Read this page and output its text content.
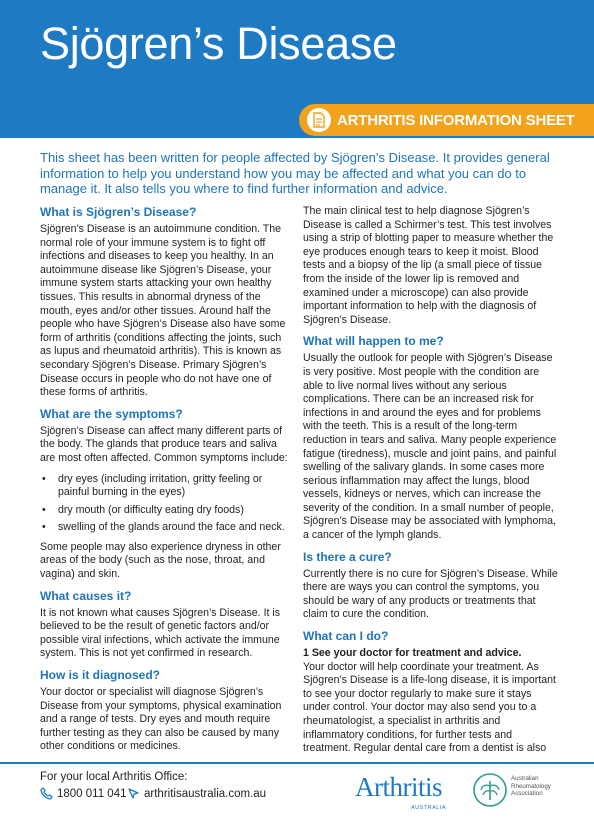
Sjögren’s Disease
ARTHRITIS INFORMATION SHEET
This sheet has been written for people affected by Sjögren’s Disease. It provides general information to help you understand how you may be affected and what you can do to manage it. It also tells you where to find further information and advice.
What is Sjögren’s Disease?

Sjögren’s Disease is an autoimmune condition. The normal role of your immune system is to fight off infections and diseases to keep you healthy. In an autoimmune disease like Sjögren’s Disease, your immune system starts attacking your own healthy tissues. This results in abnormal dryness of the mouth, eyes and/or other tissues. Around half the people who have Sjögren’s Disease also have some form of arthritis (conditions affecting the joints, such as lupus and rheumatoid arthritis). This is known as secondary Sjögren’s Disease. Primary Sjögren’s Disease occurs in people who do not have one of these forms of arthritis.

What are the symptoms?

Sjögren’s Disease can affect many different parts of the body. The glands that produce tears and saliva are most often affected. Common symptoms include:

• dry eyes (including irritation, gritty feeling or painful burning in the eyes)
• dry mouth (or difficulty eating dry foods)
• swelling of the glands around the face and neck.

Some people may also experience dryness in other areas of the body (such as the nose, throat, and vagina) and skin.

What causes it?

It is not known what causes Sjögren’s Disease. It is believed to be the result of genetic factors and/or possible viral infections, which activate the immune system. This is not yet confirmed in research.

How is it diagnosed?

Your doctor or specialist will diagnose Sjögren’s Disease from your symptoms, physical examination and a range of tests. Dry eyes and mouth require further testing as they can also be caused by many other conditions or medicines.

The main clinical test to help diagnose Sjögren’s Disease is called a Schirmer’s test. This test involves using a strip of blotting paper to measure whether the eye produces enough tears to keep it moist. Blood tests and a biopsy of the lip (a small piece of tissue from the inside of the lower lip is removed and examined under a microscope) can also provide important information to help with the diagnosis of Sjögren’s Disease.

What will happen to me?

Usually the outlook for people with Sjögren’s Disease is very positive. Most people with the condition are able to live normal lives without any serious complications. There can be an increased risk for infections in and around the eyes and for problems with the teeth. This is a result of the long-term reduction in tears and saliva. Many people experience fatigue (tiredness), muscle and joint pains, and painful swelling of the salivary glands. In some cases more serious inflammation may affect the lungs, blood vessels, kidneys or nerves, which can increase the severity of the condition. In a small number of people, Sjögren’s Disease may be associated with lymphoma, a cancer of the lymph glands.

Is there a cure?

Currently there is no cure for Sjögren’s Disease. While there are ways you can control the symptoms, you should be wary of any products or treatments that claim to cure the condition.

What can I do?
1 See your doctor for treatment and advice.

Your doctor will help coordinate your treatment. As Sjögren’s Disease is a life-long disease, it is important to see your doctor regularly to make sure it stays under control. Your doctor may also send you to a rheumatologist, a specialist in arthritis and inflammatory conditions, for further tests and treatment. Regular dental care from a dentist is also

For your local Arthritis Office:
1800 011 041	arthritisaustralia.com.au	Arthritis
AUSTRALIA
Australian
Rheumatology
Association
